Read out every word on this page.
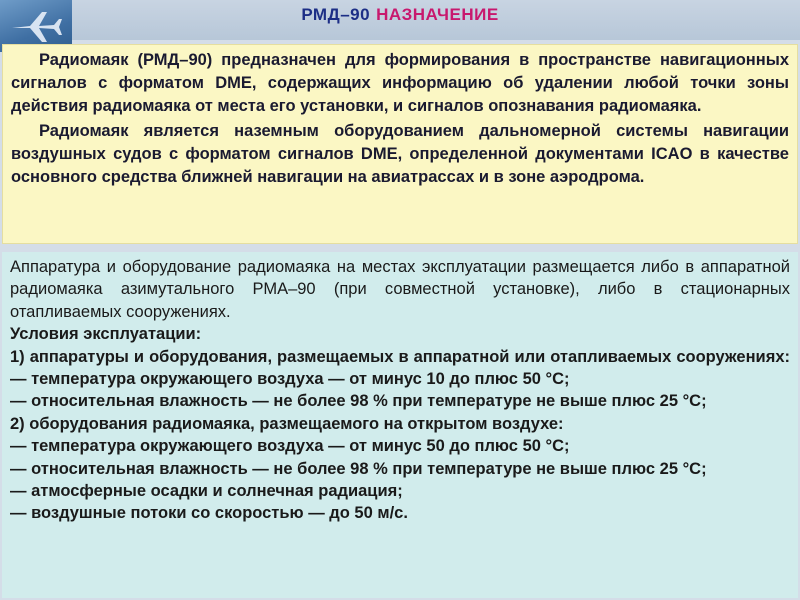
РМД–90 НАЗНАЧЕНИЕ

Радиомаяк (РМД–90) предназначен для формирования в пространстве навигационных сигналов с форматом DME, содержащих информацию об удалении любой точки зоны действия радиомаяка от места его установки, и сигналов опознавания радиомаяка.

Радиомаяк является наземным оборудованием дальномерной системы навигации воздушных судов с форматом сигналов DME, определенной документами ICAO в качестве основного средства ближней навигации на авиатрассах и в зоне аэродрома.

Аппаратура и оборудование радиомаяка на местах эксплуатации размещается либо в аппаратной радиомаяка азимутального РМА–90 (при совместной установке), либо в стационарных отапливаемых сооружениях.
Условия эксплуатации:
1) аппаратуры и оборудования, размещаемых в аппаратной или отапливаемых сооружениях:
— температура окружающего воздуха — от минус 10 до плюс 50 °С;
— относительная влажность — не более 98 % при температуре не выше плюс 25 °С;
2) оборудования радиомаяка, размещаемого на открытом воздухе:
— температура окружающего воздуха — от минус 50 до плюс 50 °С;
— относительная влажность — не более 98 % при температуре не выше плюс 25 °С;
— атмосферные осадки и солнечная радиация;
— воздушные потоки со скоростью — до 50 м/с.
